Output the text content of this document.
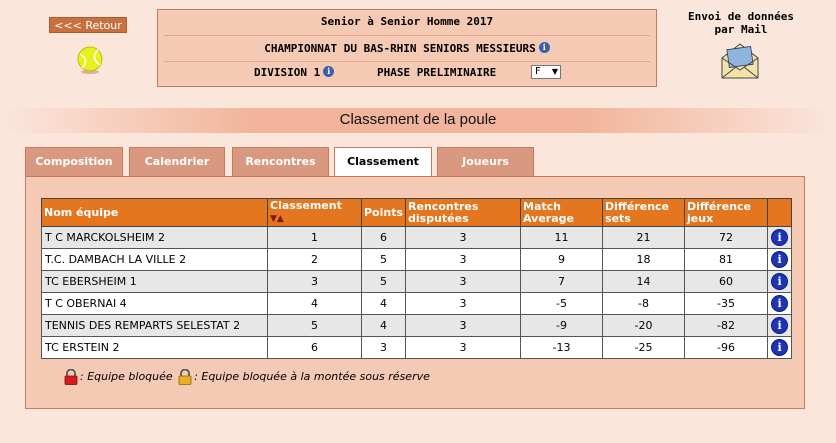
<<< Retour	Senior à Senior Homme 2017
CHAMPIONNAT DU BAS-RHIN SENIORS MESSIEURS i
DIVISION 1 i	PHASE PRELIMINAIRE	F ▼
Envoi de données
par Mail
Classement de la poule
Composition	Calendrier	Rencontres	Classement	Joueurs
Nom équipe	Classement ▼▲	Points	Rencontres disputées	Match Average	Différence sets	Différence jeux	
T C MARCKOLSHEIM 2	1	6	3	11	21	72	i
T.C. DAMBACH LA VILLE 2	2	5	3	9	18	81	i
TC EBERSHEIM 1	3	5	3	7	14	60	i
T C OBERNAI 4	4	4	3	-5	-8	-35	i
TENNIS DES REMPARTS SELESTAT 2	5	4	3	-9	-20	-82	i
TC ERSTEIN 2	6	3	3	-13	-25	-96	i
: Equipe bloquée : Equipe bloquée à la montée sous réserve
